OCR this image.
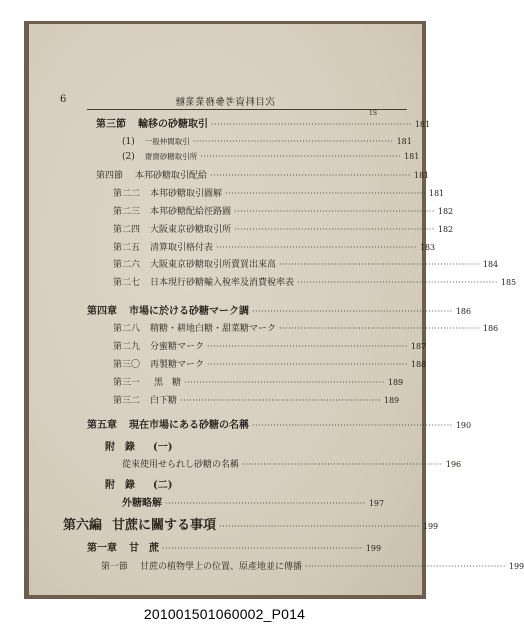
6	次目料資考參務業業糖
1S
第三節 輸移の砂糖取引 ·································································· 181
(1) 一般仲間取引 ·································································· 181
(2) 齋齋砂糖取引所 ·································································· 181
第四節 本邦砂糖取引配給 ·································································· 181
第二二 本邦砂糖取引圖解 ·································································· 181
第二三 本邦砂糖配給徑路圖 ·································································· 182
第二四 大阪東京砂糖取引所 ·································································· 182
第二五 清算取引格付表 ·································································· 183
第二六 大阪東京砂糖取引所賣買出來高 ·································································· 184
第二七 日本現行砂糖輸入稅率及消費稅率表 ·································································· 185
第四章 市場に於ける砂糖マーク調 ·································································· 186
第二八 精糖・耕地白糖・甜菜糖マーク ·································································· 186
第二九 分蜜糖マーク ·································································· 187
第三〇 再製糖マーク ·································································· 188
第三一 黑　糖 ·································································· 189
第三二 白下糖 ·································································· 189
第五章 現在市場にある砂糖の名稱 ·································································· 190
附　錄 (一)
從來使用せられし砂糖の名稱 ·································································· 196
附　錄 (二)
外糖略解 ·································································· 197
第六編 甘蔗に關する事項 ·································································· 199
第一章 甘　蔗 ·································································· 199
第一節 甘蔗の植物學上の位置、原產地並に傳播 ·································································· 199
201001501060002_P014
